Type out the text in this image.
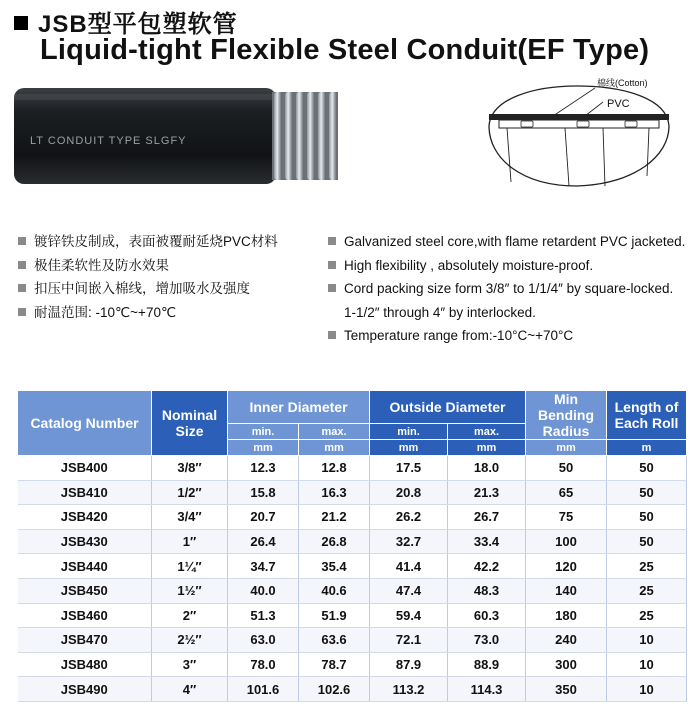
JSB型平包塑软管
Liquid-tight Flexible Steel Conduit(EF Type)
LT CONDUIT TYPE SLGFY
棉线(Cotton)
PVC
镀锌铁皮制成，表面被覆耐延烧PVC材料
极佳柔软性及防水效果
扣压中间嵌入棉线，增加吸水及强度
耐温范围: -10℃~+70℃
Galvanized steel core,with flame retardent PVC jacketed.
High flexibility , absolutely moisture-proof.
Cord packing size form 3/8″ to 1/1/4″ by square-locked.
1-1/2″ through 4″ by interlocked.
Temperature range from:-10°C~+70°C
Catalog Number	Nominal Size	Inner Diameter		Outside Diameter		Min Bending Radius	Length of Each Roll
		min.	max.	min.	max.		
		mm	mm	mm	mm	mm	m
JSB400	3/8″	12.3	12.8	17.5	18.0	50	50
JSB410	1/2″	15.8	16.3	20.8	21.3	65	50
JSB420	3/4″	20.7	21.2	26.2	26.7	75	50
JSB430	1″	26.4	26.8	32.7	33.4	100	50
JSB440	1¼″	34.7	35.4	41.4	42.2	120	25
JSB450	1½″	40.0	40.6	47.4	48.3	140	25
JSB460	2″	51.3	51.9	59.4	60.3	180	25
JSB470	2½″	63.0	63.6	72.1	73.0	240	10
JSB480	3″	78.0	78.7	87.9	88.9	300	10
JSB490	4″	101.6	102.6	113.2	114.3	350	10
